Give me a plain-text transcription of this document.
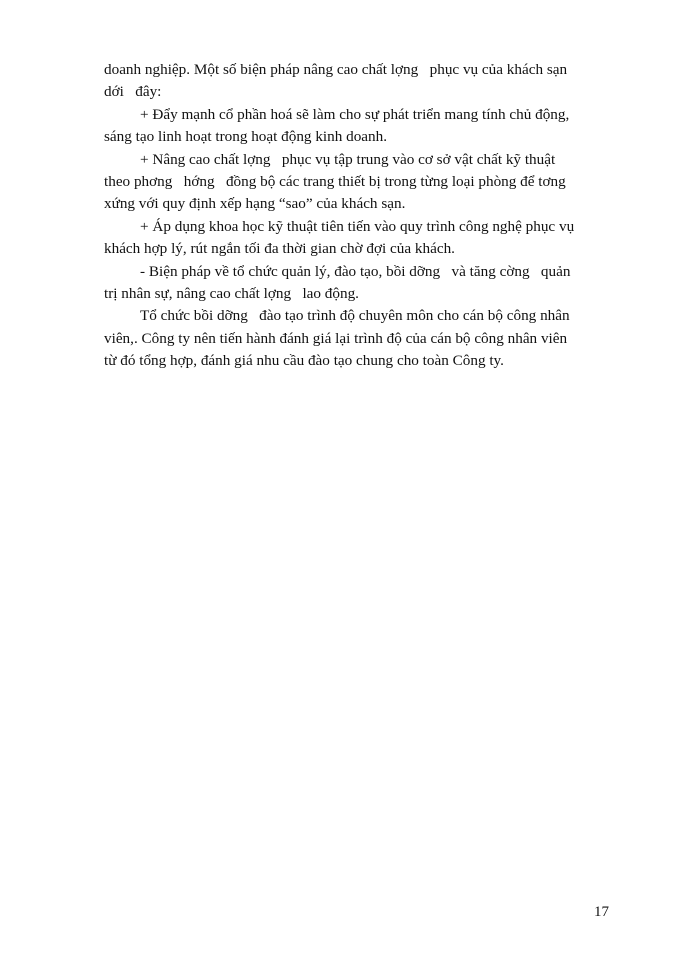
doanh nghiệp. Một số biện pháp nâng cao chất lợng   phục vụ của khách sạn
dới   đây:
+ Đẩy mạnh cổ phần hoá sẽ làm cho sự phát triển mang tính chủ động,
sáng tạo linh hoạt trong hoạt động kinh doanh.
+ Nâng cao chất lợng   phục vụ tập trung vào cơ sở vật chất kỹ thuật
theo phơng   hớng   đồng bộ các trang thiết bị trong từng loại phòng để tơng
xứng với quy định xếp hạng “sao” của khách sạn.
+ Áp dụng khoa học kỹ thuật tiên tiến vào quy trình công nghệ phục vụ
khách hợp lý, rút ngắn tối đa thời gian chờ đợi của khách.
- Biện pháp về tổ chức quản lý, đào tạo, bồi dỡng   và tăng cờng   quản
trị nhân sự, nâng cao chất lợng   lao động.
Tổ chức bồi dỡng   đào tạo trình độ chuyên môn cho cán bộ công nhân
viên,. Công ty nên tiến hành đánh giá lại trình độ của cán bộ công nhân viên
từ đó tổng hợp, đánh giá nhu cầu đào tạo chung cho toàn Công ty.
17
